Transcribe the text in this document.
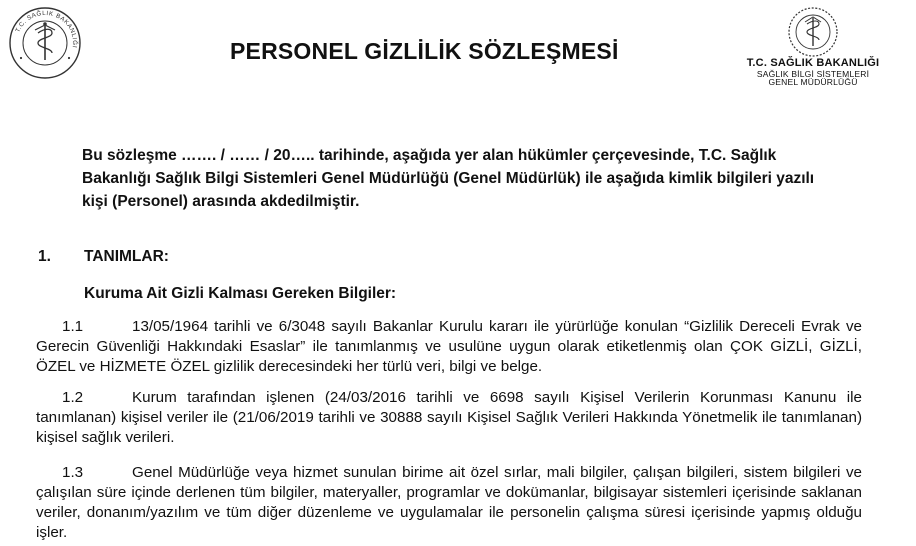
T.C. SAĞLIK BAKANLIĞI
T.C. SAĞLIK BAKANLIĞI
SAĞLIK BİLGİ SİSTEMLERİ
GENEL MÜDÜRLÜĞÜ
PERSONEL GİZLİLİK SÖZLEŞMESİ
Bu sözleşme ……. / …… / 20….. tarihinde, aşağıda yer alan hükümler çerçevesinde, T.C. Sağlık Bakanlığı Sağlık Bilgi Sistemleri Genel Müdürlüğü (Genel Müdürlük) ile aşağıda kimlik bilgileri yazılı kişi (Personel) arasında akdedilmiştir.
1. TANIMLAR:
Kuruma Ait Gizli Kalması Gereken Bilgiler:
1.1	13/05/1964 tarihli ve 6/3048 sayılı Bakanlar Kurulu kararı ile yürürlüğe konulan “Gizlilik Dereceli Evrak ve Gerecin Güvenliği Hakkındaki Esaslar” ile tanımlanmış ve usulüne uygun olarak etiketlenmiş olan ÇOK GİZLİ, GİZLİ, ÖZEL ve HİZMETE ÖZEL gizlilik derecesindeki her türlü veri, bilgi ve belge.
1.2	Kurum tarafından işlenen (24/03/2016 tarihli ve 6698 sayılı Kişisel Verilerin Korunması Kanunu ile tanımlanan) kişisel veriler ile (21/06/2019 tarihli ve 30888 sayılı Kişisel Sağlık Verileri Hakkında Yönetmelik ile tanımlanan) kişisel sağlık verileri.
1.3	Genel Müdürlüğe veya hizmet sunulan birime ait özel sırlar, mali bilgiler, çalışan bilgileri, sistem bilgileri ve çalışılan süre içinde derlenen tüm bilgiler, materyaller, programlar ve dokümanlar, bilgisayar sistemleri içerisinde saklanan veriler, donanım/yazılım ve tüm diğer düzenleme ve uygulamalar ile personelin çalışma süresi içerisinde yapmış olduğu işler.
